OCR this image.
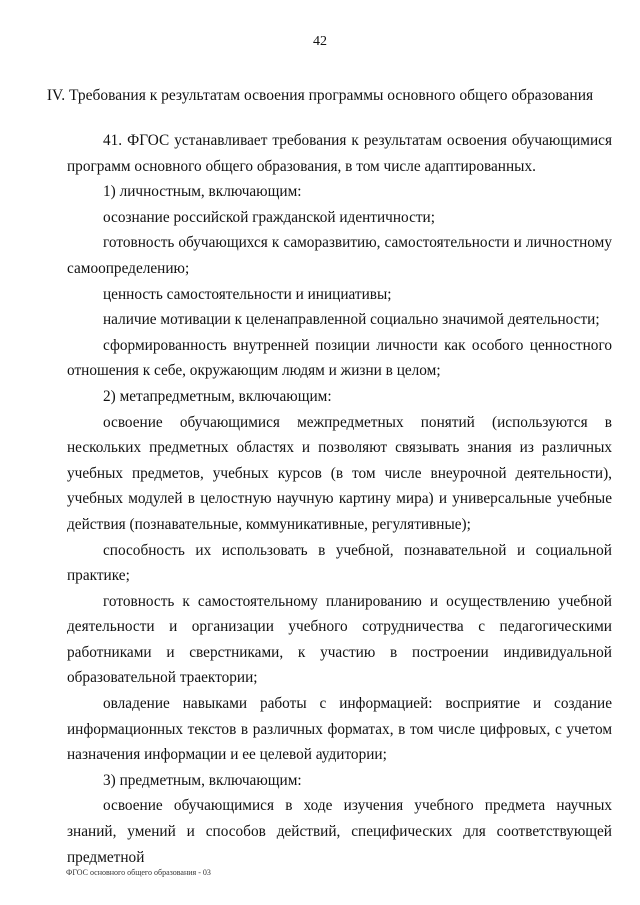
42
IV. Требования к результатам освоения программы основного общего образования

41. ФГОС устанавливает требования к результатам освоения обучающимися программ основного общего образования, в том числе адаптированных.

1) личностным, включающим:

осознание российской гражданской идентичности;

готовность обучающихся к саморазвитию, самостоятельности и личностному самоопределению;

ценность самостоятельности и инициативы;

наличие мотивации к целенаправленной социально значимой деятельности;

сформированность внутренней позиции личности как особого ценностного отношения к себе, окружающим людям и жизни в целом;

2) метапредметным, включающим:

освоение обучающимися межпредметных понятий (используются в нескольких предметных областях и позволяют связывать знания из различных учебных предметов, учебных курсов (в том числе внеурочной деятельности), учебных модулей в целостную научную картину мира) и универсальные учебные действия (познавательные, коммуникативные, регулятивные);

способность их использовать в учебной, познавательной и социальной практике;

готовность к самостоятельному планированию и осуществлению учебной деятельности и организации учебного сотрудничества с педагогическими работниками и сверстниками, к участию в построении индивидуальной образовательной траектории;

овладение навыками работы с информацией: восприятие и создание информационных текстов в различных форматах, в том числе цифровых, с учетом назначения информации и ее целевой аудитории;

3) предметным, включающим:

освоение обучающимися в ходе изучения учебного предмета научных знаний, умений и способов действий, специфических для соответствующей предметной

ФГОС основного общего образования - 03
